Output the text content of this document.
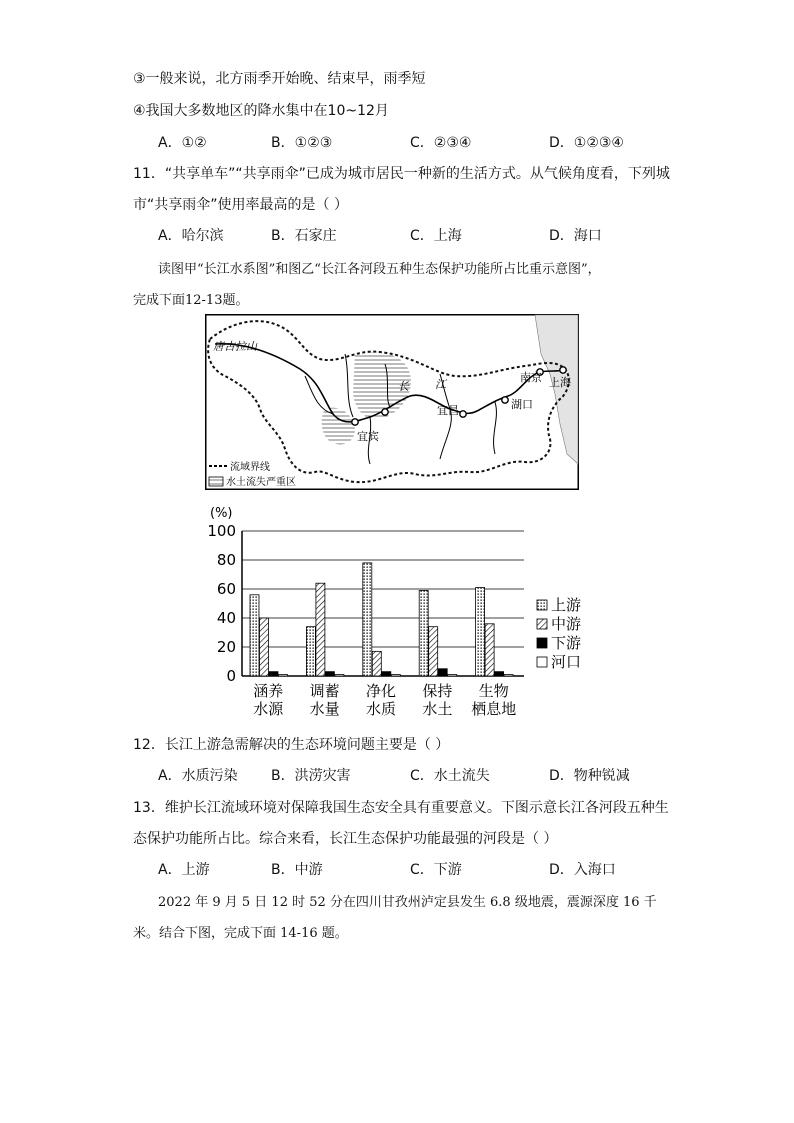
③一般来说，北方雨季开始晚、结束早，雨季短
④我国大多数地区的降水集中在10~12月
A．①②	B．①②③	C．②③④	D．①②③④
11．“共享单车”“共享雨伞”已成为城市居民一种新的生活方式。从气候角度看，下列城
市“共享雨伞”使用率最高的是（ ）
A．哈尔滨	B．石家庄	C．上海	D．海口
读图甲“长江水系图”和图乙“长江各河段五种生态保护功能所占比重示意图”，
完成下面12-13题。
唐古拉山
长 江
宜宾
宜昌	湖口
南京 上海
流域界线
水土流失严重区
(%)
0
20
40
60
80
100
涵养
水源
调蓄
水量
净化
水质
保持
水土
生物
栖息地
上游
中游
下游
河口
12．长江上游急需解决的生态环境问题主要是（ ）
A．水质污染 B．洪涝灾害	C．水土流失	D．物种锐减
13．维护长江流域环境对保障我国生态安全具有重要意义。下图示意长江各河段五种生
态保护功能所占比。综合来看，长江生态保护功能最强的河段是（ ）
A．上游	B．中游	C．下游	D．入海口
2022 年 9 月 5 日 12 时 52 分在四川甘孜州泸定县发生 6.8 级地震，震源深度 16 千
米。结合下图，完成下面 14-16 题。
